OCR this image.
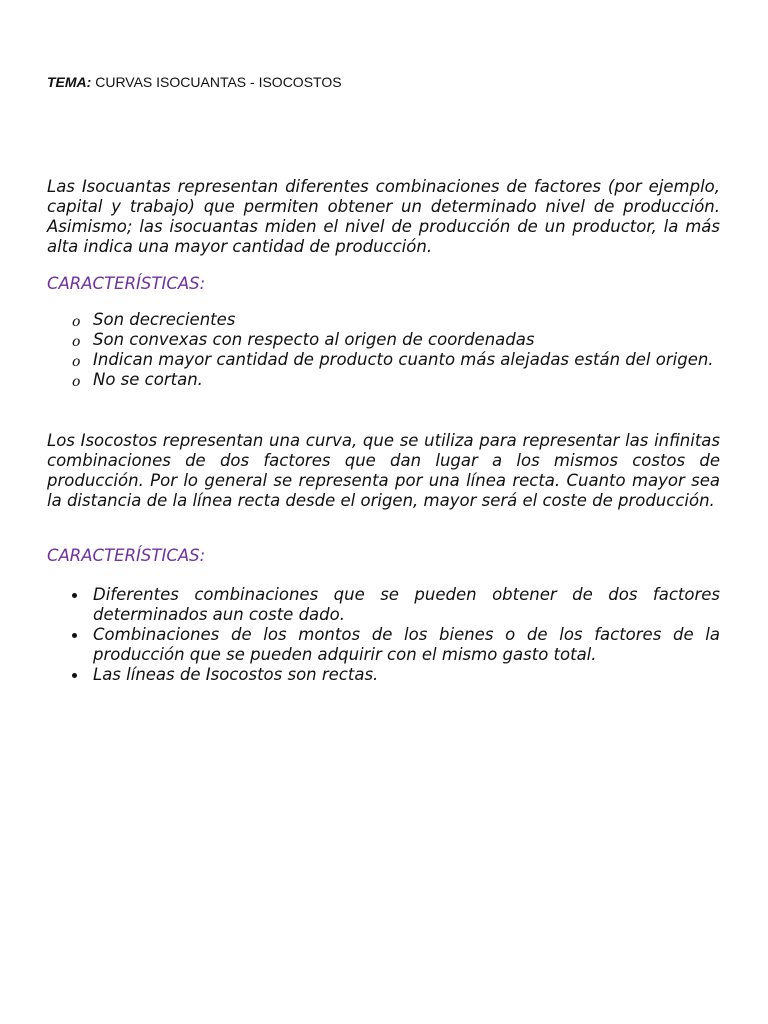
TEMA: CURVAS ISOCUANTAS - ISOCOSTOS

Las Isocuantas representan diferentes combinaciones de factores (por ejemplo, capital y trabajo) que permiten obtener un determinado nivel de producción. Asimismo; las isocuantas miden el nivel de producción de un productor, la más alta indica una mayor cantidad de producción.

CARACTERÍSTICAS:

o Son decrecientes
o Son convexas con respecto al origen de coordenadas
o Indican mayor cantidad de producto cuanto más alejadas están del origen.
o No se cortan.

Los Isocostos representan una curva, que se utiliza para representar las infinitas combinaciones de dos factores que dan lugar a los mismos costos de producción. Por lo general se representa por una línea recta. Cuanto mayor sea la distancia de la línea recta desde el origen, mayor será el coste de producción.

CARACTERÍSTICAS:

Diferentes combinaciones que se pueden obtener de dos factores determinados aun coste dado.
Combinaciones de los montos de los bienes o de los factores de la producción que se pueden adquirir con el mismo gasto total.
Las líneas de Isocostos son rectas.
